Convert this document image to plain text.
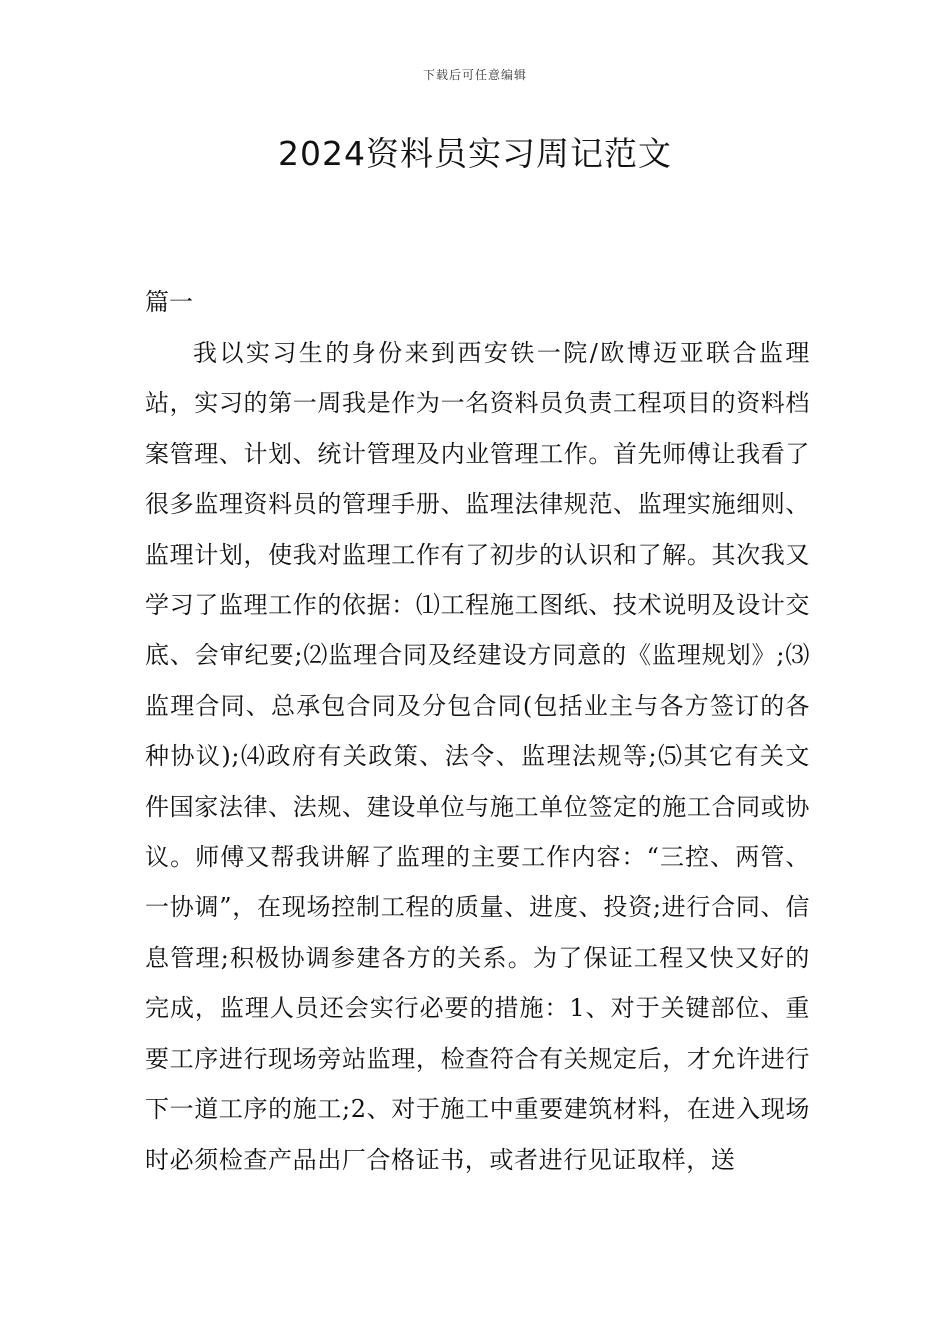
下载后可任意编辑
2024资料员实习周记范文
篇一

我以实习生的身份来到西安铁一院/欧博迈亚联合监理站，实习的第一周我是作为一名资料员负责工程项目的资料档案管理、计划、统计管理及内业管理工作。首先师傅让我看了很多监理资料员的管理手册、监理法律规范、监理实施细则、监理计划，使我对监理工作有了初步的认识和了解。其次我又学习了监理工作的依据：⑴工程施工图纸、技术说明及设计交底、会审纪要;⑵监理合同及经建设方同意的《监理规划》;⑶监理合同、总承包合同及分包合同(包括业主与各方签订的各种协议);⑷政府有关政策、法令、监理法规等;⑸其它有关文件国家法律、法规、建设单位与施工单位签定的施工合同或协议。师傅又帮我讲解了监理的主要工作内容：“三控、两管、一协调”，在现场控制工程的质量、进度、投资;进行合同、信息管理;积极协调参建各方的关系。为了保证工程又快又好的完成，监理人员还会实行必要的措施：1、对于关键部位、重要工序进行现场旁站监理，检查符合有关规定后，才允许进行下一道工序的施工;2、对于施工中重要建筑材料，在进入现场时必须检查产品出厂合格证书，或者进行见证取样，送
